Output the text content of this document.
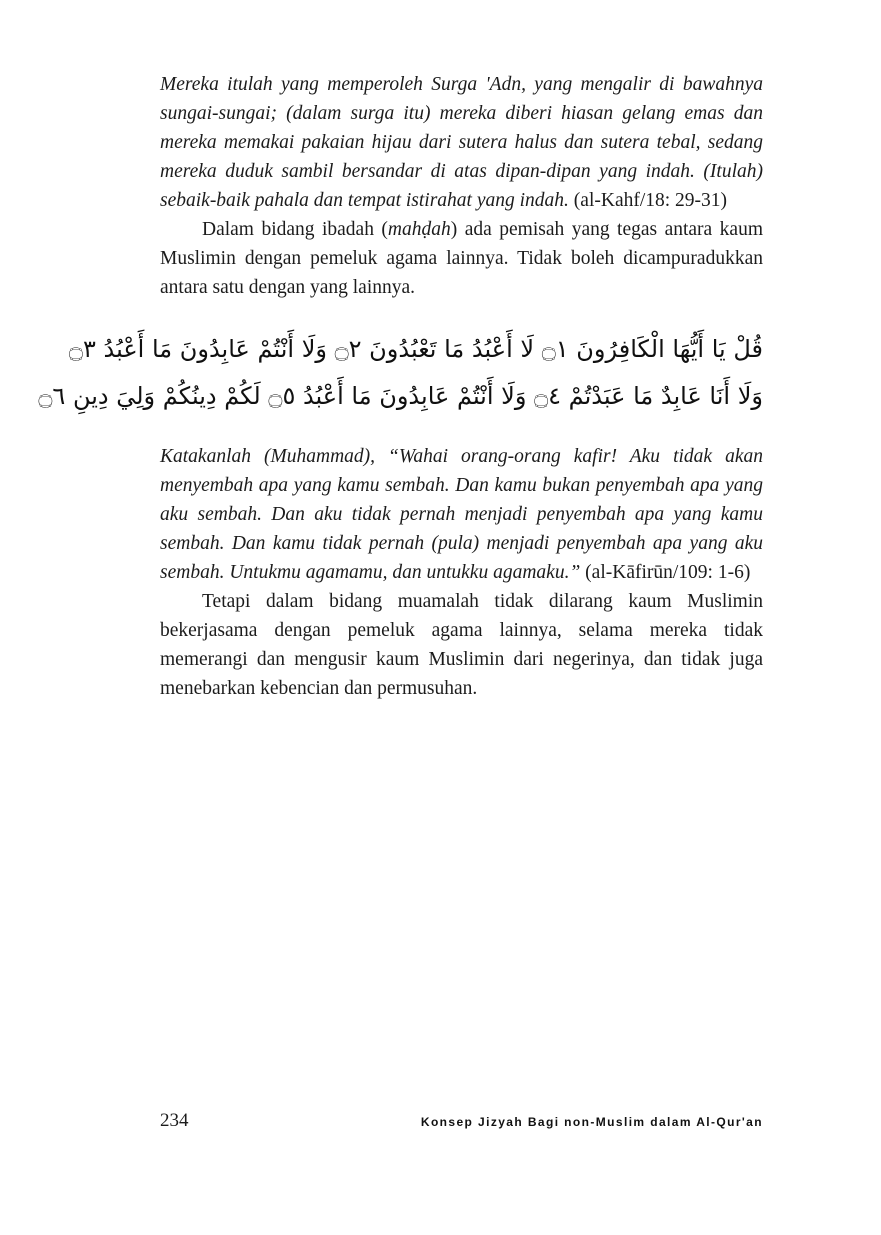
Mereka itulah yang memperoleh Surga 'Adn, yang mengalir di bawahnya sungai-sungai; (dalam surga itu) mereka diberi hiasan gelang emas dan mereka memakai pakaian hijau dari sutera halus dan sutera tebal, sedang mereka duduk sambil bersandar di atas dipan-dipan yang indah. (Itulah) sebaik-baik pahala dan tempat istirahat yang indah. (al-Kahf/18: 29-31)

Dalam bidang ibadah (mahḍah) ada pemisah yang tegas antara kaum Muslimin dengan pemeluk agama lainnya. Tidak boleh dicampuradukkan antara satu dengan yang lainnya.

قُلْ يَا أَيُّهَا الْكَافِرُونَ ۝١ لَا أَعْبُدُ مَا تَعْبُدُونَ ۝٢ وَلَا أَنْتُمْ عَابِدُونَ مَا أَعْبُدُ ۝٣
وَلَا أَنَا عَابِدٌ مَا عَبَدْتُمْ ۝٤ وَلَا أَنْتُمْ عَابِدُونَ مَا أَعْبُدُ ۝٥ لَكُمْ دِينُكُمْ وَلِيَ دِينِ ۝٦

Katakanlah (Muhammad), “Wahai orang-orang kafir! Aku tidak akan menyembah apa yang kamu sembah. Dan kamu bukan penyembah apa yang aku sembah. Dan aku tidak pernah menjadi penyembah apa yang kamu sembah. Dan kamu tidak pernah (pula) menjadi penyembah apa yang aku sembah. Untukmu agamamu, dan untukku agamaku.” (al-Kāfirūn/109: 1-6)

Tetapi dalam bidang muamalah tidak dilarang kaum Muslimin bekerjasama dengan pemeluk agama lainnya, selama mereka tidak memerangi dan mengusir kaum Muslimin dari negerinya, dan tidak juga menebarkan kebencian dan permusuhan.

234	Konsep Jizyah Bagi non-Muslim dalam Al-Qur'an
